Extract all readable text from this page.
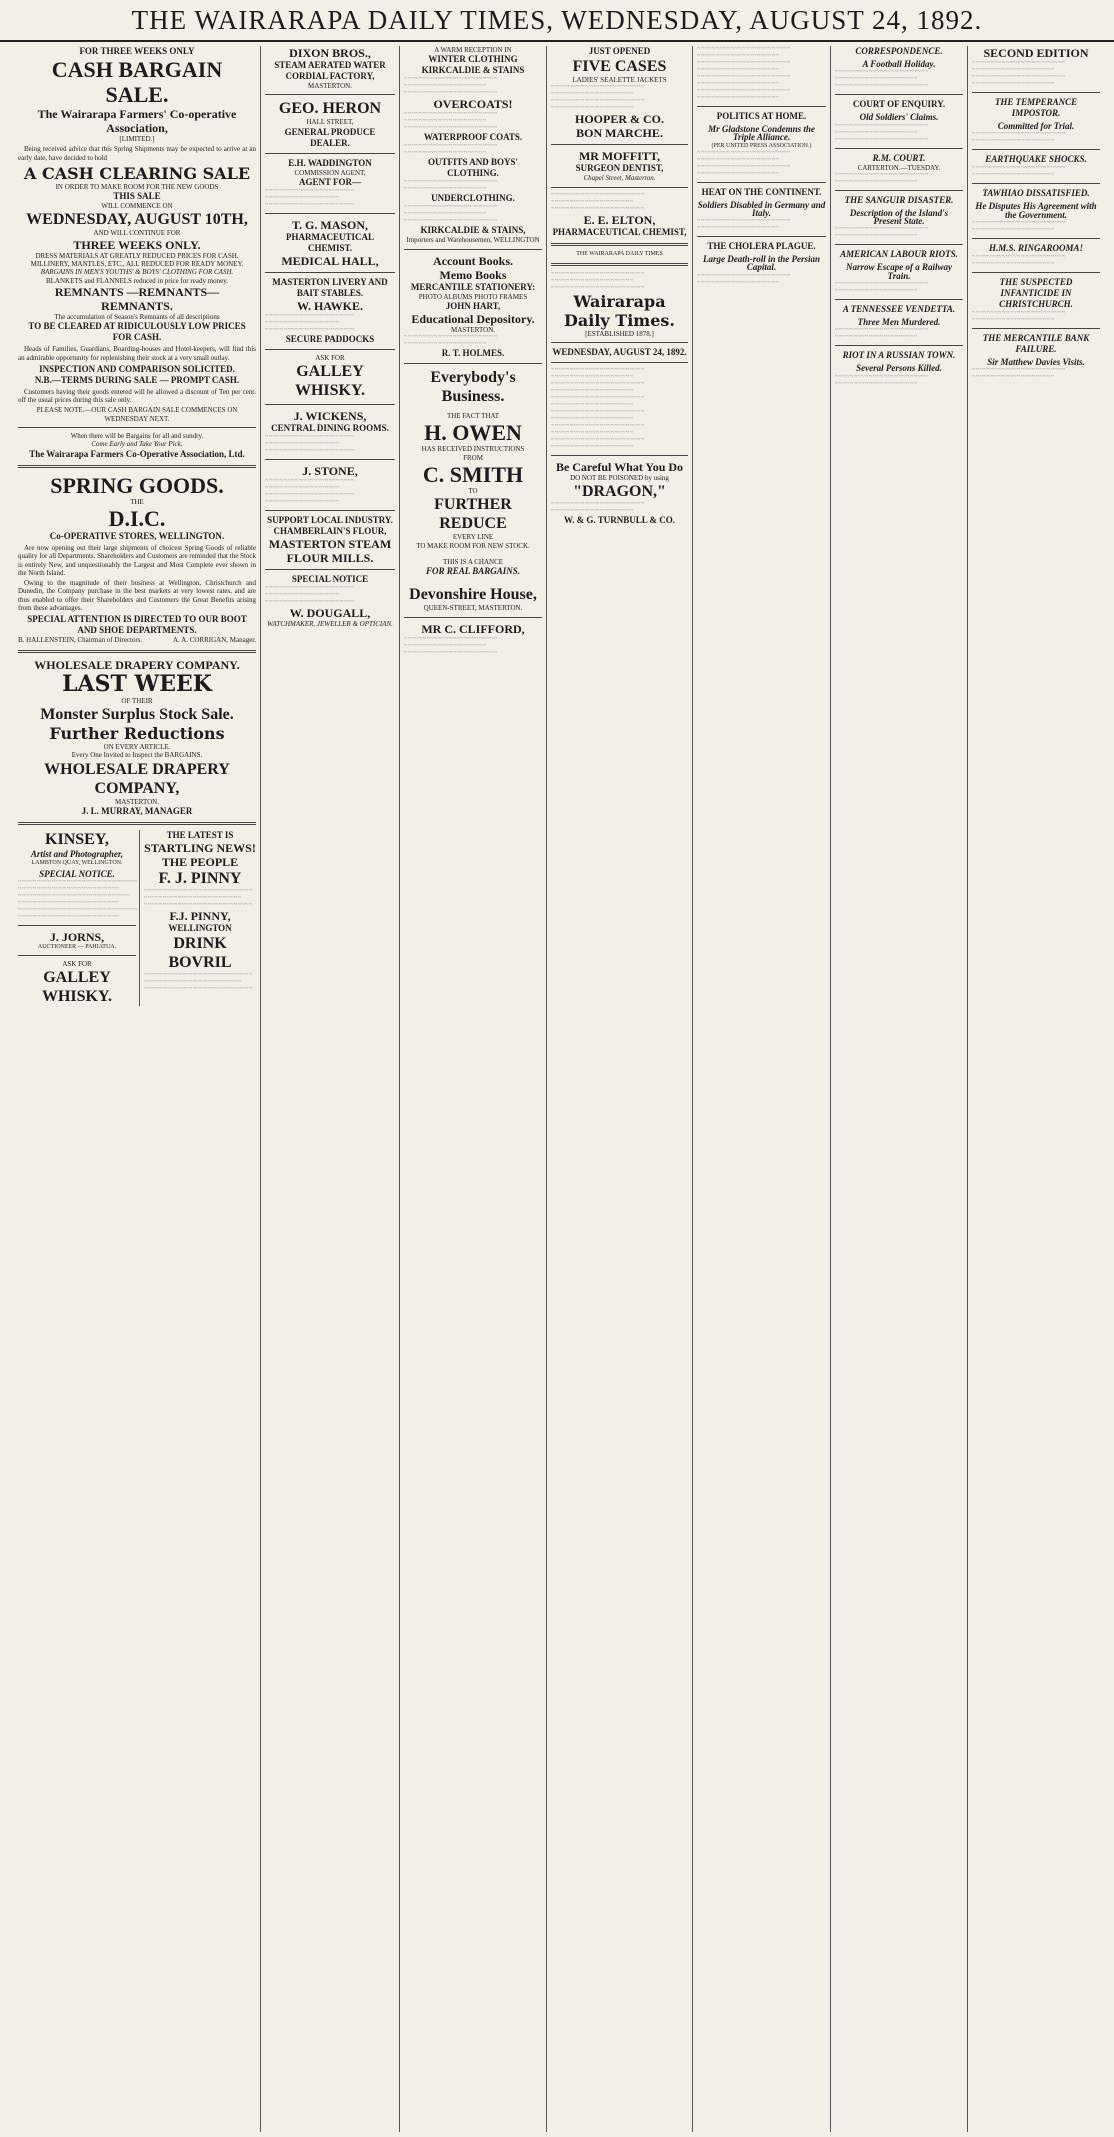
THE WAIRARAPA DAILY TIMES, WEDNESDAY, AUGUST 24, 1892.
FOR THREE WEEKS ONLY
CASH BARGAIN SALE.
The Wairarapa Farmers' Co-operative Association,
[LIMITED.]
Being received advice that this Spring Shipments may be expected to arrive at an early date, have decided to hold
A CASH CLEARING SALE
IN ORDER TO MAKE ROOM FOR THE NEW GOODS
THIS SALE
WILL COMMENCE ON
WEDNESDAY, AUGUST 10TH,
AND WILL CONTINUE FOR
THREE WEEKS ONLY.
DRESS MATERIALS AT GREATLY REDUCED PRICES FOR CASH.
MILLINERY, MANTLES, ETC., ALL REDUCED FOR READY MONEY.
BARGAINS IN MEN'S YOUTHS' & BOYS' CLOTHING FOR CASH.
BLANKETS and FLANNELS reduced in price for ready money.
REMNANTS —REMNANTS— REMNANTS.
The accumulation of Season's Remnants of all descriptions
TO BE CLEARED AT RIDICULOUSLY LOW PRICES FOR CASH.
Heads of Families, Guardians, Boarding-houses and Hotel-keepers, will find this an admirable opportunity for replenishing their stock at a very small outlay.
INSPECTION AND COMPARISON SOLICITED.
N.B.—TERMS DURING SALE — PROMPT CASH.
Customers having their goods entered will be allowed a discount of Ten per cent. off the usual prices during this sale only.
PLEASE NOTE.—OUR CASH BARGAIN SALE COMMENCES ON WEDNESDAY NEXT.
When there will be Bargains for all and sundry.
Come Early and Take Your Pick.
The Wairarapa Farmers Co-Operative Association, Ltd.
SPRING GOODS.
THE
D.I.C.
Co-OPERATIVE STORES, WELLINGTON.
Are now opening out their large shipments of choicest Spring Goods of reliable quality for all Departments. Shareholders and Customers are reminded that the Stock is entirely New, and unquestionably the Largest and Most Complete ever shown in the North Island.
Owing to the magnitude of their business at Wellington, Christchurch and Dunedin, the Company purchase in the best markets at very lowest rates, and are thus enabled to offer their Shareholders and Customers the Great Benefits arising from these advantages.
SPECIAL ATTENTION IS DIRECTED TO OUR BOOT AND SHOE DEPARTMENTS.
B. HALLENSTEIN, Chairman of Directors.	A. A. CORRIGAN, Manager.
WHOLESALE DRAPERY COMPANY.
LAST WEEK
OF THEIR
Monster Surplus Stock Sale.
Further Reductions
ON EVERY ARTICLE.
Every One Invited to Inspect the BARGAINS.
WHOLESALE DRAPERY COMPANY,
MASTERTON.
J. L. MURRAY, MANAGER
KINSEY,
Artist and Photographer,
LAMBTON QUAY, WELLINGTON.
SPECIAL NOTICE.
~~~~~~~~~~~~~~~~~~~~~~~~~~~~~~~~ ~~~~~~~~~~~~~~~~~~~~~~~~~~~ ~~~~~~~~~~~~~~~~~~~~~~~~~~~~~~ ~~~~~~~~~~~~~~~~~~~~~~~~~~~ ~~~~~~~~~~~~~~~~~~~~~~~~~~~~~~~~ ~~~~~~~~~~~~~~~~~~~~~~~~~~~
J. JORNS,
AUCTIONEER — PAHIATUA.
ASK FOR
GALLEY WHISKY.
THE LATEST IS
STARTLING NEWS!
THE PEOPLE
F. J. PINNY
~~~~~~~~~~~~~~~~~~~~~~~~~~~~~ ~~~~~~~~~~~~~~~~~~~~~~~~~~ ~~~~~~~~~~~~~~~~~~~~~~~~~~~~~
F.J. PINNY,
WELLINGTON
DRINK BOVRIL
~~~~~~~~~~~~~~~~~~~~~~~~~~~~~ ~~~~~~~~~~~~~~~~~~~~~~~~~~ ~~~~~~~~~~~~~~~~~~~~~~~~~~~~~
DIXON BROS.,
STEAM AERATED WATER
CORDIAL FACTORY,
MASTERTON.
GEO. HERON
HALL STREET,
GENERAL PRODUCE DEALER.
E.H. WADDINGTON
COMMISSION AGENT,
AGENT FOR—
~~~~~~~~~~~~~~~~~~~~~~~~ ~~~~~~~~~~~~~~~~~~~~ ~~~~~~~~~~~~~~~~~~~~~~~~
T. G. MASON,
PHARMACEUTICAL CHEMIST.
MEDICAL HALL,
MASTERTON LIVERY AND BAIT STABLES.
W. HAWKE.
~~~~~~~~~~~~~~~~~~~~~~~~ ~~~~~~~~~~~~~~~~~~~~ ~~~~~~~~~~~~~~~~~~~~~~~~
SECURE PADDOCKS
ASK FOR
GALLEY WHISKY.
J. WICKENS,
CENTRAL DINING ROOMS.
~~~~~~~~~~~~~~~~~~~~~~~~ ~~~~~~~~~~~~~~~~~~~~ ~~~~~~~~~~~~~~~~~~~~~~~~
J. STONE,
~~~~~~~~~~~~~~~~~~~~~~~~ ~~~~~~~~~~~~~~~~~~~~ ~~~~~~~~~~~~~~~~~~~~~~~~ ~~~~~~~~~~~~~~~~~~~~
SUPPORT LOCAL INDUSTRY.
CHAMBERLAIN'S FLOUR,
MASTERTON STEAM FLOUR MILLS.
SPECIAL NOTICE
~~~~~~~~~~~~~~~~~~~~~~~~ ~~~~~~~~~~~~~~~~~~~~ ~~~~~~~~~~~~~~~~~~~~~~~~
W. DOUGALL,
WATCHMAKER, JEWELLER & OPTICIAN.
A WARM RECEPTION IN
WINTER CLOTHING
KIRKCALDIE & STAINS
~~~~~~~~~~~~~~~~~~~~~~~~~ ~~~~~~~~~~~~~~~~~~~~~~ ~~~~~~~~~~~~~~~~~~~~~~~~~
OVERCOATS!
~~~~~~~~~~~~~~~~~~~~~~~~~ ~~~~~~~~~~~~~~~~~~~~~~ ~~~~~~~~~~~~~~~~~~~~~~~~~
WATERPROOF COATS.
~~~~~~~~~~~~~~~~~~~~~~~~~ ~~~~~~~~~~~~~~~~~~~~~~
OUTFITS AND BOYS' CLOTHING.
~~~~~~~~~~~~~~~~~~~~~~~~~ ~~~~~~~~~~~~~~~~~~~~~~
UNDERCLOTHING.
~~~~~~~~~~~~~~~~~~~~~~~~~ ~~~~~~~~~~~~~~~~~~~~~~ ~~~~~~~~~~~~~~~~~~~~~~~~~
KIRKCALDIE & STAINS,
Importers and Warehousemen, WELLINGTON
Account Books.
Memo Books
MERCANTILE STATIONERY:
PHOTO ALBUMS PHOTO FRAMES
JOHN HART,
Educational Depository.
MASTERTON.
~~~~~~~~~~~~~~~~~~~~~~~~~ ~~~~~~~~~~~~~~~~~~~~~~
R. T. HOLMES.
Everybody's Business.
THE FACT THAT
H. OWEN
HAS RECEIVED INSTRUCTIONS
FROM
C. SMITH
TO
FURTHER REDUCE
EVERY LINE
TO MAKE ROOM FOR NEW STOCK.
THIS IS A CHANCE
FOR REAL BARGAINS.
Devonshire House,
QUEEN-STREET, MASTERTON.
MR C. CLIFFORD,
~~~~~~~~~~~~~~~~~~~~~~~~~ ~~~~~~~~~~~~~~~~~~~~~~ ~~~~~~~~~~~~~~~~~~~~~~~~~
JUST OPENED
FIVE CASES
LADIES' SEALETTE JACKETS
~~~~~~~~~~~~~~~~~~~~~~~~~ ~~~~~~~~~~~~~~~~~~~~~~ ~~~~~~~~~~~~~~~~~~~~~~~~~ ~~~~~~~~~~~~~~~~~~~~~~
HOOPER & CO.
BON MARCHE.
MR MOFFITT,
SURGEON DENTIST,
Chapel Street, Masterton.
~~~~~~~~~~~~~~~~~~~~~~~~~ ~~~~~~~~~~~~~~~~~~~~~~ ~~~~~~~~~~~~~~~~~~~~~~~~~
E. E. ELTON,
PHARMACEUTICAL CHEMIST,
THE WAIRARAPA DAILY TIMES
~~~~~~~~~~~~~~~~~~~~~~~~~ ~~~~~~~~~~~~~~~~~~~~~~ ~~~~~~~~~~~~~~~~~~~~~~~~~
Wairarapa Daily Times.
[ESTABLISHED 1878.]
WEDNESDAY, AUGUST 24, 1892.
~~~~~~~~~~~~~~~~~~~~~~~~~ ~~~~~~~~~~~~~~~~~~~~~~ ~~~~~~~~~~~~~~~~~~~~~~~~~ ~~~~~~~~~~~~~~~~~~~~~~ ~~~~~~~~~~~~~~~~~~~~~~~~~ ~~~~~~~~~~~~~~~~~~~~~~ ~~~~~~~~~~~~~~~~~~~~~~~~~ ~~~~~~~~~~~~~~~~~~~~~~ ~~~~~~~~~~~~~~~~~~~~~~~~~ ~~~~~~~~~~~~~~~~~~~~~~ ~~~~~~~~~~~~~~~~~~~~~~~~~ ~~~~~~~~~~~~~~~~~~~~~~
Be Careful What You Do
DO NOT BE POISONED by using
"DRAGON,"
~~~~~~~~~~~~~~~~~~~~~~~~~ ~~~~~~~~~~~~~~~~~~~~~~
W. & G. TURNBULL & CO.
~~~~~~~~~~~~~~~~~~~~~~~~~ ~~~~~~~~~~~~~~~~~~~~~~ ~~~~~~~~~~~~~~~~~~~~~~~~~ ~~~~~~~~~~~~~~~~~~~~~~ ~~~~~~~~~~~~~~~~~~~~~~~~~ ~~~~~~~~~~~~~~~~~~~~~~ ~~~~~~~~~~~~~~~~~~~~~~~~~ ~~~~~~~~~~~~~~~~~~~~~~
POLITICS AT HOME.
Mr Gladstone Condemns the Triple Alliance.
(PER UNITED PRESS ASSOCIATION.)
~~~~~~~~~~~~~~~~~~~~~~~~~ ~~~~~~~~~~~~~~~~~~~~~~ ~~~~~~~~~~~~~~~~~~~~~~~~~ ~~~~~~~~~~~~~~~~~~~~~~
HEAT ON THE CONTINENT.
Soldiers Disabled in Germany and Italy.
~~~~~~~~~~~~~~~~~~~~~~~~~ ~~~~~~~~~~~~~~~~~~~~~~
THE CHOLERA PLAGUE.
Large Death-roll in the Persian Capital.
~~~~~~~~~~~~~~~~~~~~~~~~~ ~~~~~~~~~~~~~~~~~~~~~~
CORRESPONDENCE.
A Football Holiday.
~~~~~~~~~~~~~~~~~~~~~~~~~ ~~~~~~~~~~~~~~~~~~~~~~ ~~~~~~~~~~~~~~~~~~~~~~~~~
COURT OF ENQUIRY.
Old Soldiers' Claims.
~~~~~~~~~~~~~~~~~~~~~~~~~ ~~~~~~~~~~~~~~~~~~~~~~ ~~~~~~~~~~~~~~~~~~~~~~~~~
R.M. COURT.
CARTERTON.—TUESDAY.
~~~~~~~~~~~~~~~~~~~~~~~~~ ~~~~~~~~~~~~~~~~~~~~~~
THE SANGUIR DISASTER.
Description of the Island's Present State.
~~~~~~~~~~~~~~~~~~~~~~~~~ ~~~~~~~~~~~~~~~~~~~~~~
AMERICAN LABOUR RIOTS.
Narrow Escape of a Railway Train.
~~~~~~~~~~~~~~~~~~~~~~~~~ ~~~~~~~~~~~~~~~~~~~~~~
A TENNESSEE VENDETTA.
Three Men Murdered.
~~~~~~~~~~~~~~~~~~~~~~~~~ ~~~~~~~~~~~~~~~~~~~~~~
RIOT IN A RUSSIAN TOWN.
Several Persons Killed.
~~~~~~~~~~~~~~~~~~~~~~~~~ ~~~~~~~~~~~~~~~~~~~~~~
SECOND EDITION
~~~~~~~~~~~~~~~~~~~~~~~~~ ~~~~~~~~~~~~~~~~~~~~~~ ~~~~~~~~~~~~~~~~~~~~~~~~~ ~~~~~~~~~~~~~~~~~~~~~~
THE TEMPERANCE IMPOSTOR.
Committed for Trial.
~~~~~~~~~~~~~~~~~~~~~~~~~ ~~~~~~~~~~~~~~~~~~~~~~
EARTHQUAKE SHOCKS.
~~~~~~~~~~~~~~~~~~~~~~~~~ ~~~~~~~~~~~~~~~~~~~~~~
TAWHIAO DISSATISFIED.
He Disputes His Agreement with the Government.
~~~~~~~~~~~~~~~~~~~~~~~~~ ~~~~~~~~~~~~~~~~~~~~~~
H.M.S. RINGAROOMA!
~~~~~~~~~~~~~~~~~~~~~~~~~ ~~~~~~~~~~~~~~~~~~~~~~
THE SUSPECTED INFANTICIDE IN CHRISTCHURCH.
~~~~~~~~~~~~~~~~~~~~~~~~~ ~~~~~~~~~~~~~~~~~~~~~~
THE MERCANTILE BANK FAILURE.
Sir Matthew Davies Visits.
~~~~~~~~~~~~~~~~~~~~~~~~~ ~~~~~~~~~~~~~~~~~~~~~~
